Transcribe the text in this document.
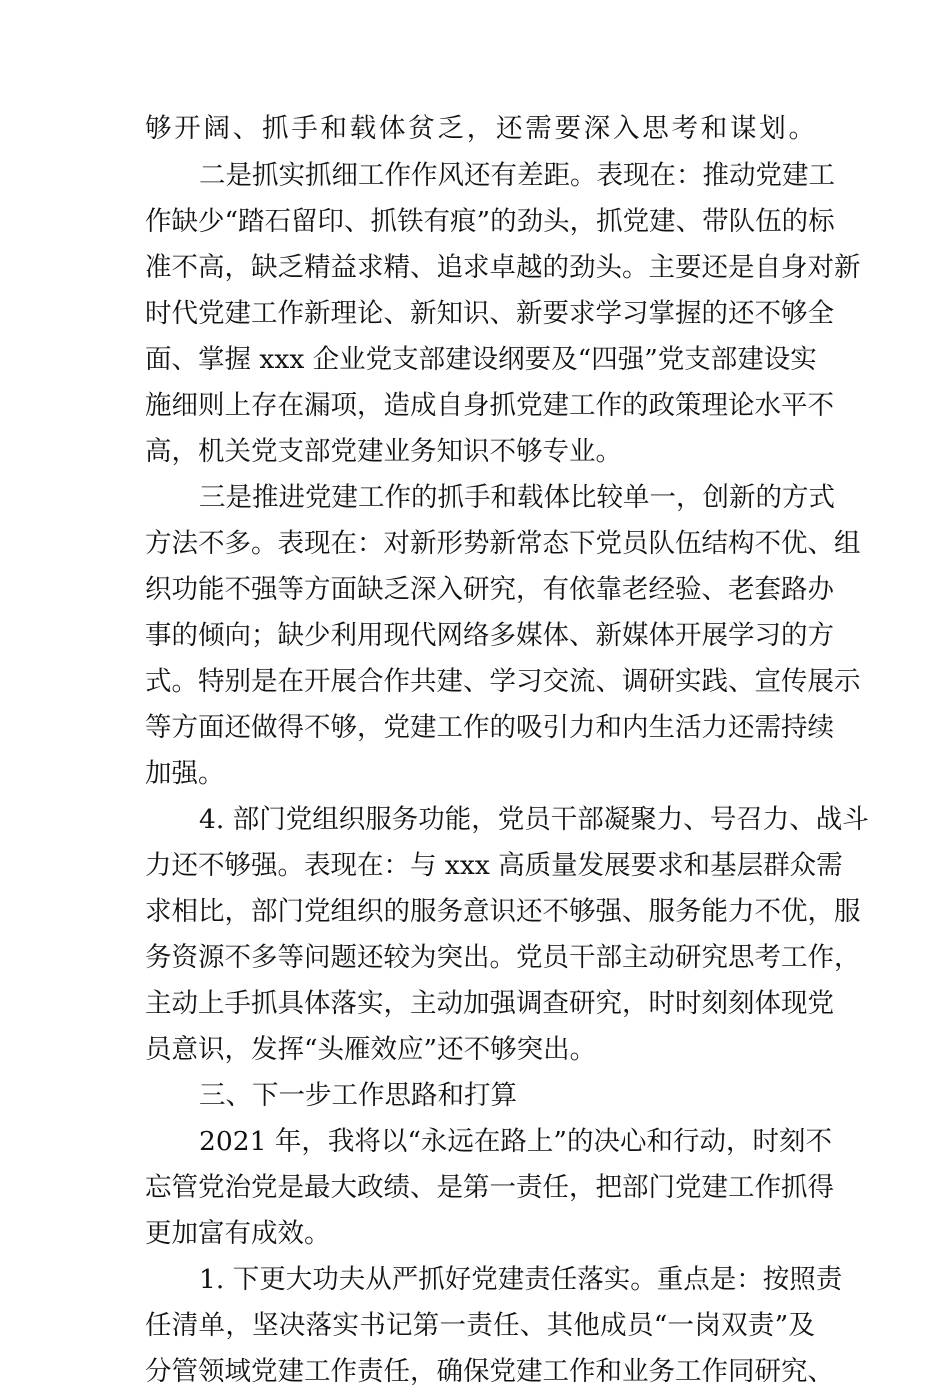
够开阔、抓手和载体贫乏，还需要深入思考和谋划。
二是抓实抓细工作作风还有差距。表现在：推动党建工
作缺少“踏石留印、抓铁有痕”的劲头，抓党建、带队伍的标
准不高，缺乏精益求精、追求卓越的劲头。主要还是自身对新
时代党建工作新理论、新知识、新要求学习掌握的还不够全
面、掌握 xxx 企业党支部建设纲要及“四强”党支部建设实
施细则上存在漏项，造成自身抓党建工作的政策理论水平不
高，机关党支部党建业务知识不够专业。
三是推进党建工作的抓手和载体比较单一，创新的方式
方法不多。表现在：对新形势新常态下党员队伍结构不优、组
织功能不强等方面缺乏深入研究，有依靠老经验、老套路办
事的倾向；缺少利用现代网络多媒体、新媒体开展学习的方
式。特别是在开展合作共建、学习交流、调研实践、宣传展示
等方面还做得不够，党建工作的吸引力和内生活力还需持续
加强。
4. 部门党组织服务功能，党员干部凝聚力、号召力、战斗
力还不够强。表现在：与 xxx 高质量发展要求和基层群众需
求相比，部门党组织的服务意识还不够强、服务能力不优，服
务资源不多等问题还较为突出。党员干部主动研究思考工作，
主动上手抓具体落实，主动加强调查研究，时时刻刻体现党
员意识，发挥“头雁效应”还不够突出。
三、下一步工作思路和打算
2021 年，我将以“永远在路上”的决心和行动，时刻不
忘管党治党是最大政绩、是第一责任，把部门党建工作抓得
更加富有成效。
1. 下更大功夫从严抓好党建责任落实。重点是：按照责
任清单，坚决落实书记第一责任、其他成员“一岗双责”及
分管领域党建工作责任，确保党建工作和业务工作同研究、
